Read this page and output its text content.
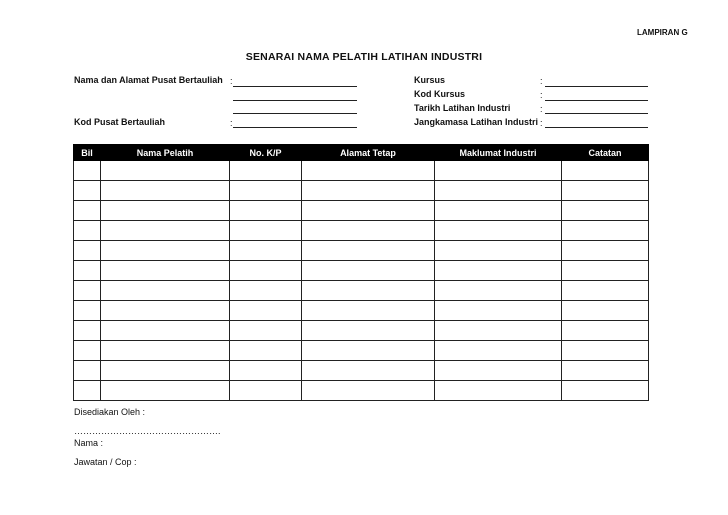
LAMPIRAN G
SENARAI NAMA PELATIH LATIHAN INDUSTRI
Nama dan Alamat Pusat Bertauliah :
Kod Pusat Bertauliah	:
Kursus	:
Kod Kursus	:
Tarikh Latihan Industri	:
Jangkamasa Latihan Industri :
Bil	Nama Pelatih	No. K/P	Alamat Tetap	Maklumat Industri	Catatan

Disediakan Oleh :
………………………………………….
Nama :
Jawatan / Cop :
